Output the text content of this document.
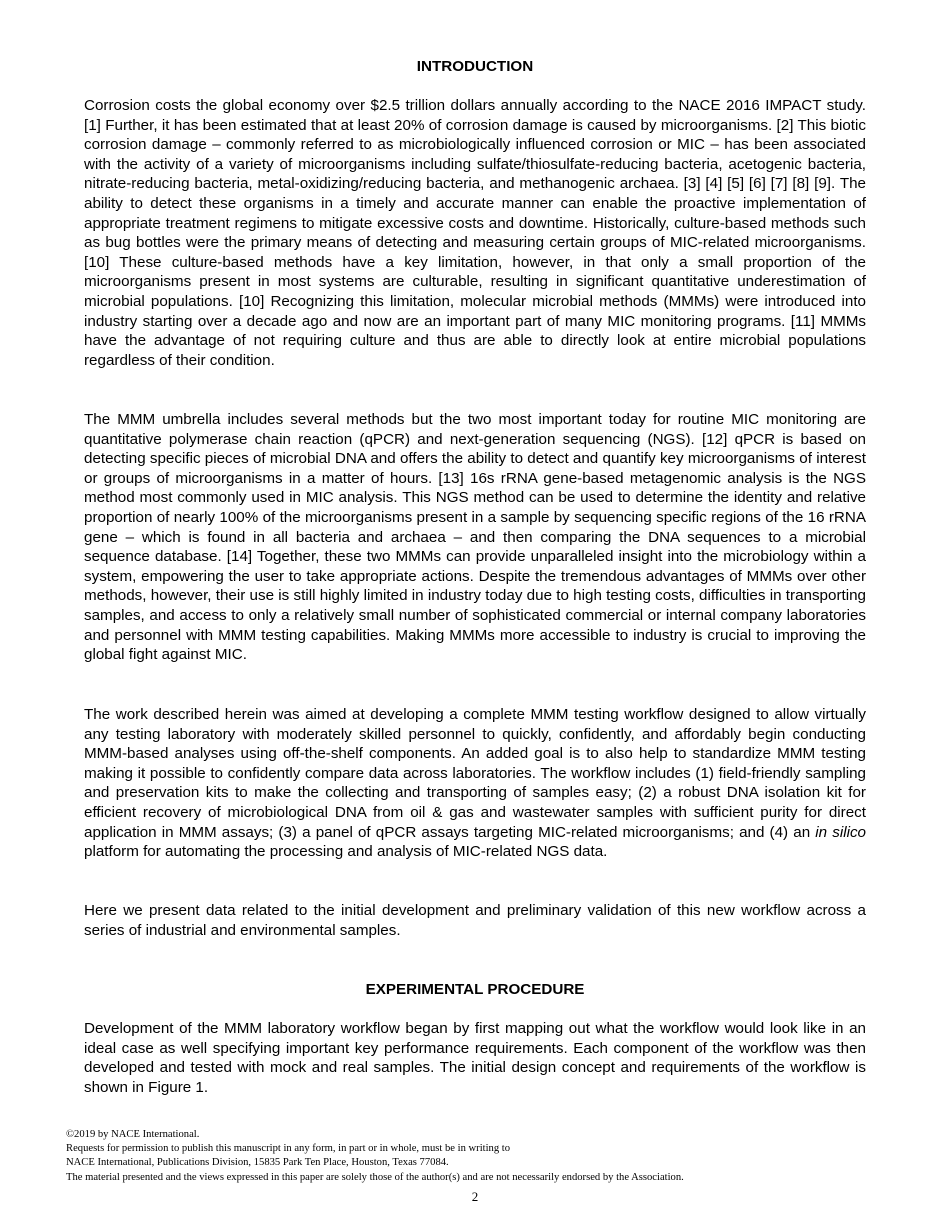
INTRODUCTION

Corrosion costs the global economy over $2.5 trillion dollars annually according to the NACE 2016 IMPACT study. [1] Further, it has been estimated that at least 20% of corrosion damage is caused by microorganisms. [2] This biotic corrosion damage – commonly referred to as microbiologically influenced corrosion or MIC – has been associated with the activity of a variety of microorganisms including sulfate/thiosulfate-reducing bacteria, acetogenic bacteria, nitrate-reducing bacteria, metal-oxidizing/reducing bacteria, and methanogenic archaea. [3] [4] [5] [6] [7] [8] [9]. The ability to detect these organisms in a timely and accurate manner can enable the proactive implementation of appropriate treatment regimens to mitigate excessive costs and downtime. Historically, culture-based methods such as bug bottles were the primary means of detecting and measuring certain groups of MIC-related microorganisms. [10] These culture-based methods have a key limitation, however, in that only a small proportion of the microorganisms present in most systems are culturable, resulting in significant quantitative underestimation of microbial populations. [10] Recognizing this limitation, molecular microbial methods (MMMs) were introduced into industry starting over a decade ago and now are an important part of many MIC monitoring programs. [11] MMMs have the advantage of not requiring culture and thus are able to directly look at entire microbial populations regardless of their condition.

The MMM umbrella includes several methods but the two most important today for routine MIC monitoring are quantitative polymerase chain reaction (qPCR) and next-generation sequencing (NGS). [12] qPCR is based on detecting specific pieces of microbial DNA and offers the ability to detect and quantify key microorganisms of interest or groups of microorganisms in a matter of hours. [13] 16s rRNA gene-based metagenomic analysis is the NGS method most commonly used in MIC analysis. This NGS method can be used to determine the identity and relative proportion of nearly 100% of the microorganisms present in a sample by sequencing specific regions of the 16 rRNA gene – which is found in all bacteria and archaea – and then comparing the DNA sequences to a microbial sequence database. [14] Together, these two MMMs can provide unparalleled insight into the microbiology within a system, empowering the user to take appropriate actions. Despite the tremendous advantages of MMMs over other methods, however, their use is still highly limited in industry today due to high testing costs, difficulties in transporting samples, and access to only a relatively small number of sophisticated commercial or internal company laboratories and personnel with MMM testing capabilities. Making MMMs more accessible to industry is crucial to improving the global fight against MIC.

The work described herein was aimed at developing a complete MMM testing workflow designed to allow virtually any testing laboratory with moderately skilled personnel to quickly, confidently, and affordably begin conducting MMM-based analyses using off-the-shelf components. An added goal is to also help to standardize MMM testing making it possible to confidently compare data across laboratories. The workflow includes (1) field-friendly sampling and preservation kits to make the collecting and transporting of samples easy; (2) a robust DNA isolation kit for efficient recovery of microbiological DNA from oil & gas and wastewater samples with sufficient purity for direct application in MMM assays; (3) a panel of qPCR assays targeting MIC-related microorganisms; and (4) an in silico platform for automating the processing and analysis of MIC-related NGS data.

Here we present data related to the initial development and preliminary validation of this new workflow across a series of industrial and environmental samples.

EXPERIMENTAL PROCEDURE

Development of the MMM laboratory workflow began by first mapping out what the workflow would look like in an ideal case as well specifying important key performance requirements. Each component of the workflow was then developed and tested with mock and real samples. The initial design concept and requirements of the workflow is shown in Figure 1.

©2019 by NACE International.
Requests for permission to publish this manuscript in any form, in part or in whole, must be in writing to
NACE International, Publications Division, 15835 Park Ten Place, Houston, Texas 77084.
The material presented and the views expressed in this paper are solely those of the author(s) and are not necessarily endorsed by the Association.
2
